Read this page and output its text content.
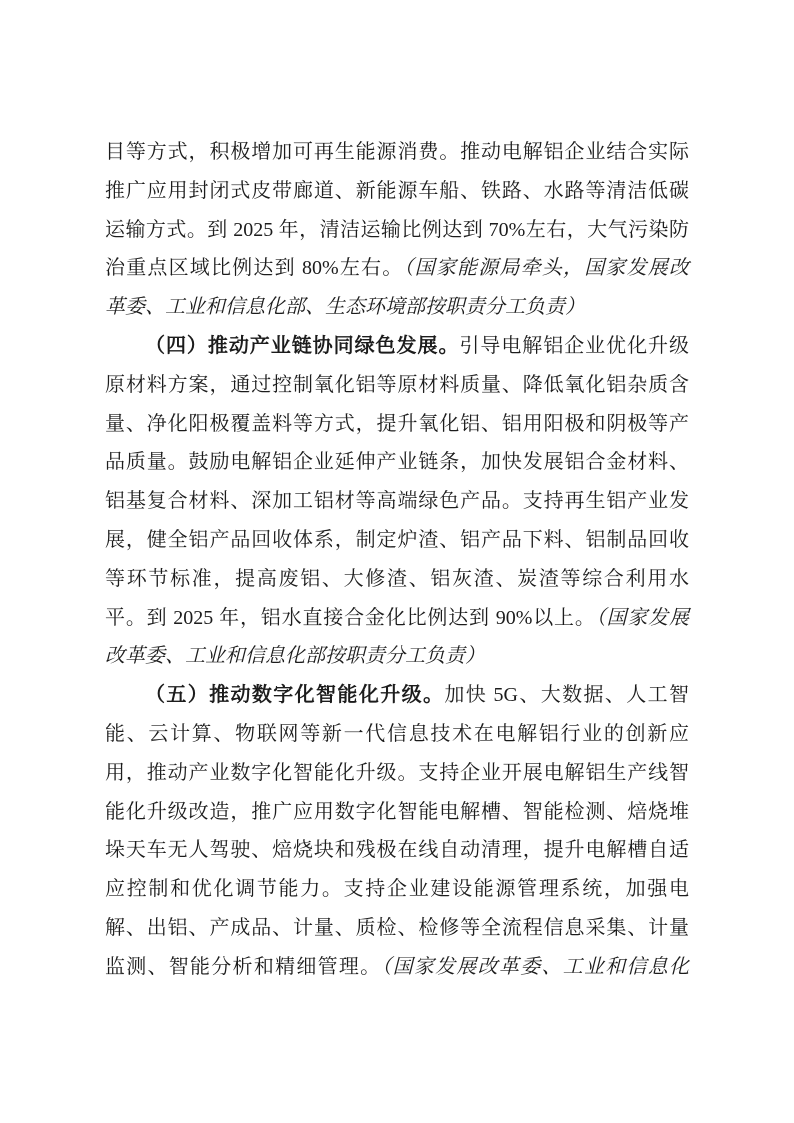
目等方式，积极增加可再生能源消费。推动电解铝企业结合实际
推广应用封闭式皮带廊道、新能源车船、铁路、水路等清洁低碳
运输方式。到 2025 年，清洁运输比例达到 70%左右，大气污染防
治重点区域比例达到 80%左右。（国家能源局牵头，国家发展改
革委、工业和信息化部、生态环境部按职责分工负责）
（四）推动产业链协同绿色发展。引导电解铝企业优化升级
原材料方案，通过控制氧化铝等原材料质量、降低氧化铝杂质含
量、净化阳极覆盖料等方式，提升氧化铝、铝用阳极和阴极等产
品质量。鼓励电解铝企业延伸产业链条，加快发展铝合金材料、
铝基复合材料、深加工铝材等高端绿色产品。支持再生铝产业发
展，健全铝产品回收体系，制定炉渣、铝产品下料、铝制品回收
等环节标准，提高废铝、大修渣、铝灰渣、炭渣等综合利用水
平。到 2025 年，铝水直接合金化比例达到 90%以上。（国家发展
改革委、工业和信息化部按职责分工负责）
（五）推动数字化智能化升级。加快 5G、大数据、人工智
能、云计算、物联网等新一代信息技术在电解铝行业的创新应
用，推动产业数字化智能化升级。支持企业开展电解铝生产线智
能化升级改造，推广应用数字化智能电解槽、智能检测、焙烧堆
垛天车无人驾驶、焙烧块和残极在线自动清理，提升电解槽自适
应控制和优化调节能力。支持企业建设能源管理系统，加强电
解、出铝、产成品、计量、质检、检修等全流程信息采集、计量
监测、智能分析和精细管理。（国家发展改革委、工业和信息化
